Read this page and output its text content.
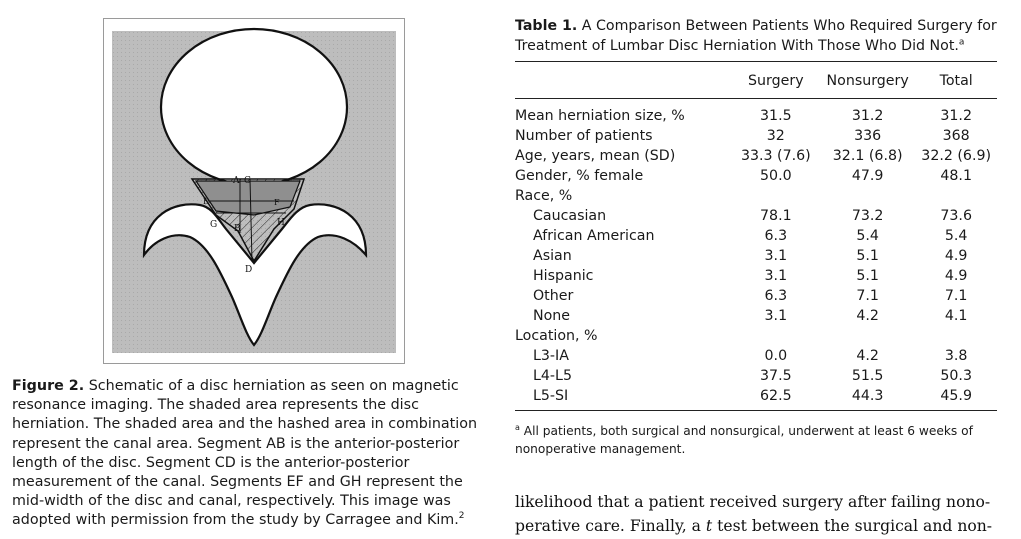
A C
E	F
G B
H
D
Figure 2. Schematic of a disc herniation as seen on magnetic resonance imaging. The shaded area represents the disc herniation. The shaded area and the hashed area in combination represent the canal area. Segment AB is the anterior-posterior length of the disc. Segment CD is the anterior-posterior measurement of the canal. Segments EF and GH represent the mid-width of the disc and canal, respectively. This image was adopted with permission from the study by Carragee and Kim.$^2$
Table 1. A Comparison Between Patients Who Required Surgery for Treatment of Lumbar Disc Herniation With Those Who Did Not.$^a$
	Surgery	Nonsurgery	Total

Mean herniation size, %	31.5	31.2	31.2
Number of patients	32	336	368
Age, years, mean (SD)	33.3 (7.6)	32.1 (6.8)	32.2 (6.9)
Gender, % female	50.0	47.9	48.1
Race, %			
Caucasian	78.1	73.2	73.6
African American	6.3	5.4	5.4
Asian	3.1	5.1	4.9
Hispanic	3.1	5.1	4.9
Other	6.3	7.1	7.1
None	3.1	4.2	4.1
Location, %			
L3-IA	0.0	4.2	3.8
L4-L5	37.5	51.5	50.3
L5-SI	62.5	44.3	45.9
$^a$ All patients, both surgical and nonsurgical, underwent at least 6 weeks of nonoperative management.
likelihood that a patient received surgery after failing nono-
perative care. Finally, a t test between the surgical and non-
